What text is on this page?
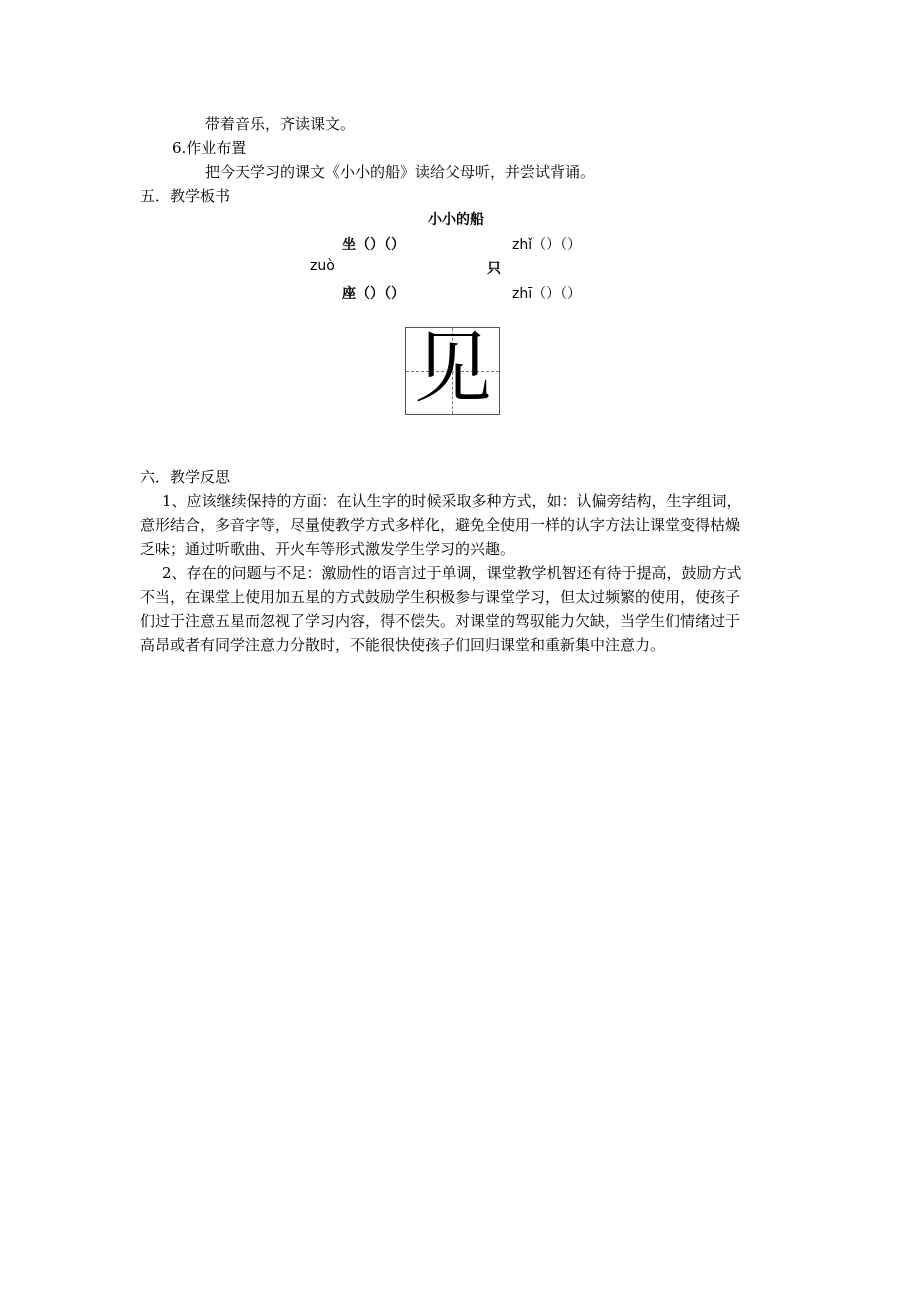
带着音乐，齐读课文。
6.作业布置
把今天学习的课文《小小的船》读给父母听，并尝试背诵。
五．教学板书
小小的船
坐（）（）
zuò
座（）（）
zhǐ（）（）
只
zhī（）（）
见
六．教学反思
1、应该继续保持的方面：在认生字的时候采取多种方式，如：认偏旁结构，生字组词，
意形结合，多音字等，尽量使教学方式多样化，避免全使用一样的认字方法让课堂变得枯燥
乏味；通过听歌曲、开火车等形式激发学生学习的兴趣。
2、存在的问题与不足：激励性的语言过于单调，课堂教学机智还有待于提高，鼓励方式
不当，在课堂上使用加五星的方式鼓励学生积极参与课堂学习，但太过频繁的使用，使孩子
们过于注意五星而忽视了学习内容，得不偿失。对课堂的驾驭能力欠缺，当学生们情绪过于
高昂或者有同学注意力分散时，不能很快使孩子们回归课堂和重新集中注意力。
